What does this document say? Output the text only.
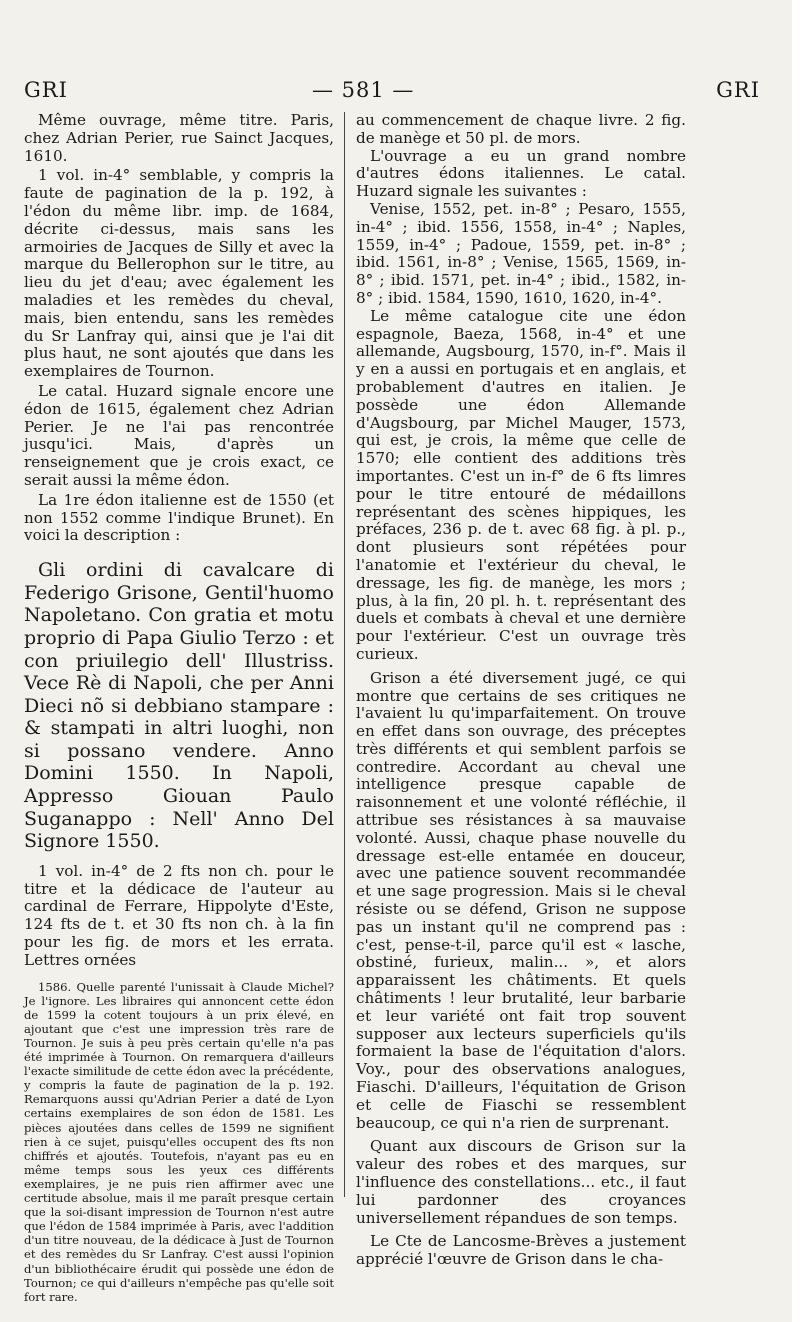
GRI	— 581 —	GRI

Même ouvrage, même titre. Paris, chez Adrian Perier, rue Sainct Jacques, 1610.

1 vol. in-4° semblable, y compris la faute de pagination de la p. 192, à l'édon du même libr. imp. de 1684, décrite ci-dessus, mais sans les armoiries de Jacques de Silly et avec la marque du Bellerophon sur le titre, au lieu du jet d'eau; avec également les maladies et les remèdes du cheval, mais, bien entendu, sans les remèdes du Sr Lanfray qui, ainsi que je l'ai dit plus haut, ne sont ajoutés que dans les exemplaires de Tournon.

Le catal. Huzard signale encore une édon de 1615, également chez Adrian Perier. Je ne l'ai pas rencontrée jusqu'ici. Mais, d'après un renseignement que je crois exact, ce serait aussi la même édon.

La 1re édon italienne est de 1550 (et non 1552 comme l'indique Brunet). En voici la description :

Gli ordini di cavalcare di Federigo Grisone, Gentil'huomo Napoletano. Con gratia et motu proprio di Papa Giulio Terzo : et con priuilegio dell' Illustriss. Vece Rè di Napoli, che per Anni Dieci nõ si debbiano stampare : & stampati in altri luoghi, non si possano vendere. Anno Domini 1550. In Napoli, Appresso Giouan Paulo Suganappo : Nell' Anno Del Signore 1550.

1 vol. in-4° de 2 fts non ch. pour le titre et la dédicace de l'auteur au cardinal de Ferrare, Hippolyte d'Este, 124 fts de t. et 30 fts non ch. à la fin pour les fig. de mors et les errata. Lettres ornées

1586. Quelle parenté l'unissait à Claude Michel? Je l'ignore. Les libraires qui annoncent cette édon de 1599 la cotent toujours à un prix élevé, en ajoutant que c'est une impression très rare de Tournon. Je suis à peu près certain qu'elle n'a pas été imprimée à Tournon. On remarquera d'ailleurs l'exacte similitude de cette édon avec la précédente, y compris la faute de pagination de la p. 192. Remarquons aussi qu'Adrian Perier a daté de Lyon certains exemplaires de son édon de 1581. Les pièces ajoutées dans celles de 1599 ne signifient rien à ce sujet, puisqu'elles occupent des fts non chiffrés et ajoutés. Toutefois, n'ayant pas eu en même temps sous les yeux ces différents exemplaires, je ne puis rien affirmer avec une certitude absolue, mais il me paraît presque certain que la soi-disant impression de Tournon n'est autre que l'édon de 1584 imprimée à Paris, avec l'addition d'un titre nouveau, de la dédicace à Just de Tournon et des remèdes du Sr Lanfray. C'est aussi l'opinion d'un bibliothécaire érudit qui possède une édon de Tournon; ce qui d'ailleurs n'empêche pas qu'elle soit fort rare.

au commencement de chaque livre. 2 fig. de manège et 50 pl. de mors.

L'ouvrage a eu un grand nombre d'autres édons italiennes. Le catal. Huzard signale les suivantes :

Venise, 1552, pet. in-8° ; Pesaro, 1555, in-4° ; ibid. 1556, 1558, in-4° ; Naples, 1559, in-4° ; Padoue, 1559, pet. in-8° ; ibid. 1561, in-8° ; Venise, 1565, 1569, in-8° ; ibid. 1571, pet. in-4° ; ibid., 1582, in-8° ; ibid. 1584, 1590, 1610, 1620, in-4°.

Le même catalogue cite une édon espagnole, Baeza, 1568, in-4° et une allemande, Augsbourg, 1570, in-f°. Mais il y en a aussi en portugais et en anglais, et probablement d'autres en italien. Je possède une édon Allemande d'Augsbourg, par Michel Mauger, 1573, qui est, je crois, la même que celle de 1570; elle contient des additions très importantes. C'est un in-f° de 6 fts limres pour le titre entouré de médaillons représentant des scènes hippiques, les préfaces, 236 p. de t. avec 68 fig. à pl. p., dont plusieurs sont répétées pour l'anatomie et l'extérieur du cheval, le dressage, les fig. de manège, les mors ; plus, à la fin, 20 pl. h. t. représentant des duels et combats à cheval et une dernière pour l'extérieur. C'est un ouvrage très curieux.

Grison a été diversement jugé, ce qui montre que certains de ses critiques ne l'avaient lu qu'imparfaitement. On trouve en effet dans son ouvrage, des préceptes très différents et qui semblent parfois se contredire. Accordant au cheval une intelligence presque capable de raisonnement et une volonté réfléchie, il attribue ses résistances à sa mauvaise volonté. Aussi, chaque phase nouvelle du dressage est-elle entamée en douceur, avec une patience souvent recommandée et une sage progression. Mais si le cheval résiste ou se défend, Grison ne suppose pas un instant qu'il ne comprend pas : c'est, pense-t-il, parce qu'il est « lasche, obstiné, furieux, malin... », et alors apparaissent les châtiments. Et quels châtiments ! leur brutalité, leur barbarie et leur variété ont fait trop souvent supposer aux lecteurs superficiels qu'ils formaient la base de l'équitation d'alors. Voy., pour des observations analogues, Fiaschi. D'ailleurs, l'équitation de Grison et celle de Fiaschi se ressemblent beaucoup, ce qui n'a rien de surprenant.

Quant aux discours de Grison sur la valeur des robes et des marques, sur l'influence des constellations... etc., il faut lui pardonner des croyances universellement répandues de son temps.

Le Cte de Lancosme-Brèves a justement apprécié l'œuvre de Grison dans le cha-
